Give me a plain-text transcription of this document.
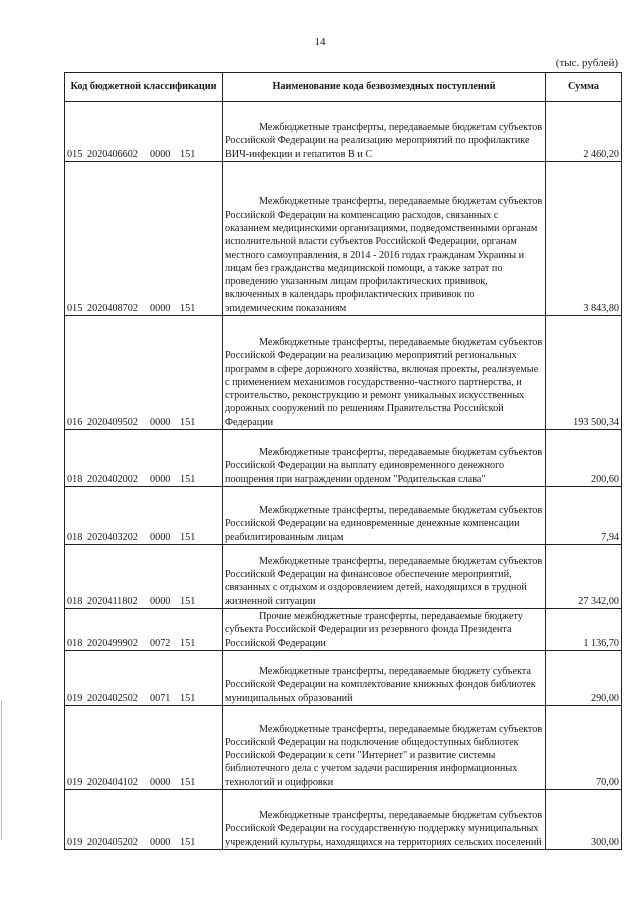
14
(тыс. рублей)
Код бюджетной классификации	Наименование кода безвозмездных поступлений	Сумма
015 2020406602 0000 151	Межбюджетные трансферты, передаваемые бюджетам субъектов Российской Федерации на реализацию мероприятий по профилактике ВИЧ-инфекции и гепатитов В и С	2 460,20
015 2020408702 0000 151	Межбюджетные трансферты, передаваемые бюджетам субъектов Российской Федерации на компенсацию расходов, связанных с оказанием медицинскими организациями, подведомственными органам исполнительной власти субъектов Российской Федерации, органам местного самоуправления, в 2014 - 2016 годах гражданам Украины и лицам без гражданства медицинской помощи, а также затрат по проведению указанным лицам профилактических прививок, включенных в календарь профилактических прививок по эпидемическим показаниям	3 843,80
016 2020409502 0000 151	Межбюджетные трансферты, передаваемые бюджетам субъектов Российской Федерации на реализацию мероприятий региональных программ в сфере дорожного хозяйства, включая проекты, реализуемые с применением механизмов государственно-частного партнерства, и строительство, реконструкцию и ремонт уникальных искусственных дорожных сооружений по решениям Правительства Российской Федерации	193 500,34
018 2020402002 0000 151	Межбюджетные трансферты, передаваемые бюджетам субъектов Российской Федерации на выплату единовременного денежного поощрения при награждении орденом "Родительская слава"	200,60
018 2020403202 0000 151	Межбюджетные трансферты, передаваемые бюджетам субъектов Российской Федерации на единовременные денежные компенсации реабилитированным лицам	7,94
018 2020411802 0000 151	Межбюджетные трансферты, передаваемые бюджетам субъектов Российской Федерации на финансовое обеспечение мероприятий, связанных с отдыхом и оздоровлением детей, находящихся в трудной жизненной ситуации	27 342,00
018 2020499902 0072 151	Прочие межбюджетные трансферты, передаваемые бюджету субъекта Российской Федерации из резервного фонда Президента Российской Федерации	1 136,70
019 2020402502 0071 151	Межбюджетные трансферты, передаваемые бюджету субъекта Российской Федерации на комплектование книжных фондов библиотек муниципальных образований	290,00
019 2020404102 0000 151	Межбюджетные трансферты, передаваемые бюджетам субъектов Российской Федерации на подключение общедоступных библиотек Российской Федерации к сети "Интернет" и развитие системы библиотечного дела с учетом задачи расширения информационных технологий и оцифровки	70,00
019 2020405202 0000 151	Межбюджетные трансферты, передаваемые бюджетам субъектов Российской Федерации на государственную поддержку муниципальных учреждений культуры, находящихся на территориях сельских поселений	300,00
